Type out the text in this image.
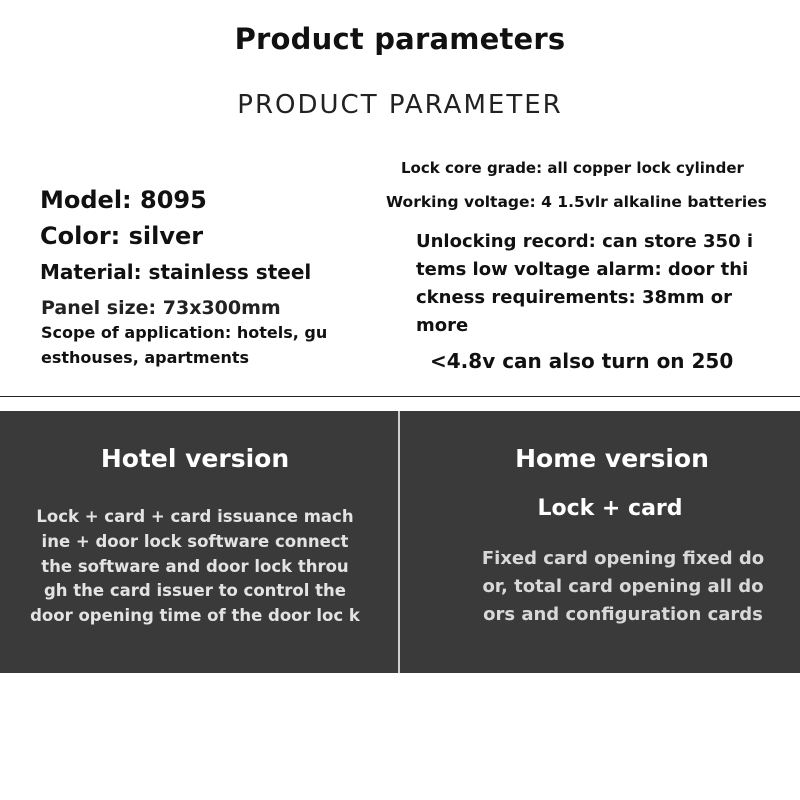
Product parameters
PRODUCT PARAMETER
Model: 8095
Color: silver
Material: stainless steel
Panel size: 73x300mm
Scope of application: hotels, gu esthouses, apartments
Lock core grade: all copper lock cylinder
Working voltage: 4 1.5vlr alkaline batteries
Unlocking record: can store 350 i tems low voltage alarm: door thi ckness requirements: 38mm or more
<4.8v can also turn on 250
Hotel version
Lock + card + card issuance mach ine + door lock software connect the software and door lock throu gh the card issuer to control the door opening time of the door loc k
Home version
Lock + card
Fixed card opening fixed do or, total card opening all do ors and configuration cards
